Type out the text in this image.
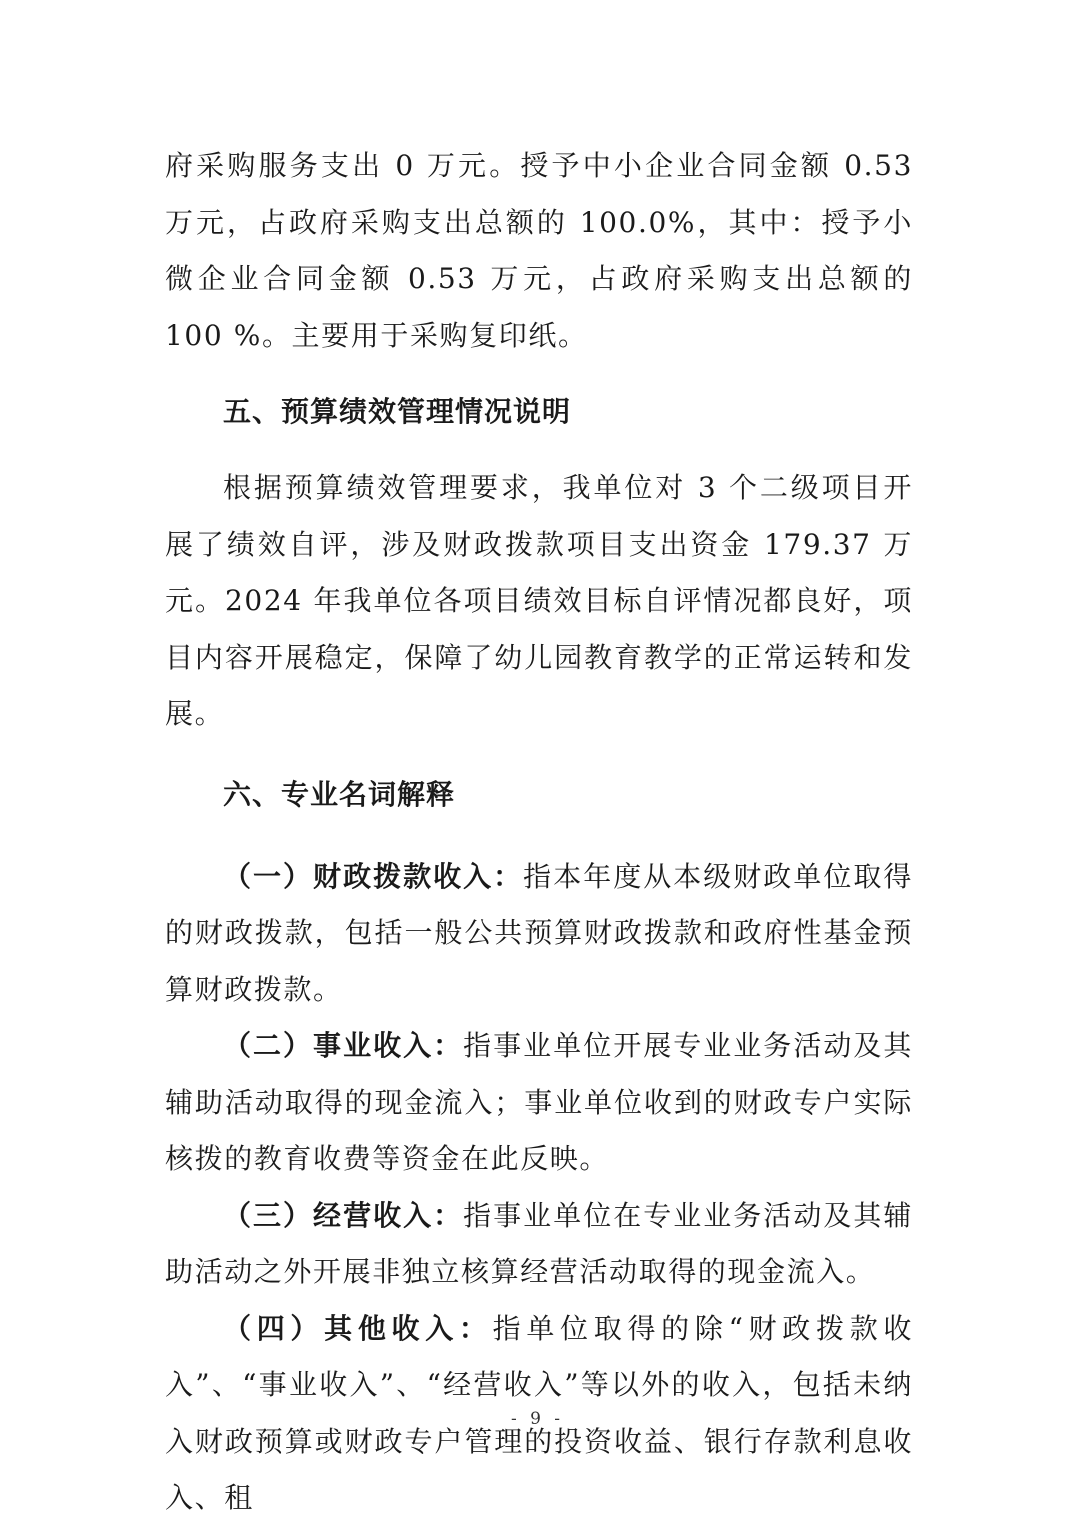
府采购服务支出 0 万元。授予中小企业合同金额 0.53 万元，占政府采购支出总额的 100.0%，其中：授予小微企业合同金额 0.53 万元，占政府采购支出总额的 100 %。主要用于采购复印纸。

五、预算绩效管理情况说明

根据预算绩效管理要求，我单位对 3 个二级项目开展了绩效自评，涉及财政拨款项目支出资金 179.37 万元。2024 年我单位各项目绩效目标自评情况都良好，项目内容开展稳定，保障了幼儿园教育教学的正常运转和发展。

六、专业名词解释

（一）财政拨款收入：指本年度从本级财政单位取得的财政拨款，包括一般公共预算财政拨款和政府性基金预算财政拨款。

（二）事业收入：指事业单位开展专业业务活动及其辅助活动取得的现金流入；事业单位收到的财政专户实际核拨的教育收费等资金在此反映。

（三）经营收入：指事业单位在专业业务活动及其辅助活动之外开展非独立核算经营活动取得的现金流入。

（四）其他收入：指单位取得的除“财政拨款收入”、“事业收入”、“经营收入”等以外的收入，包括未纳入财政预算或财政专户管理的投资收益、银行存款利息收入、租

- 9 -
